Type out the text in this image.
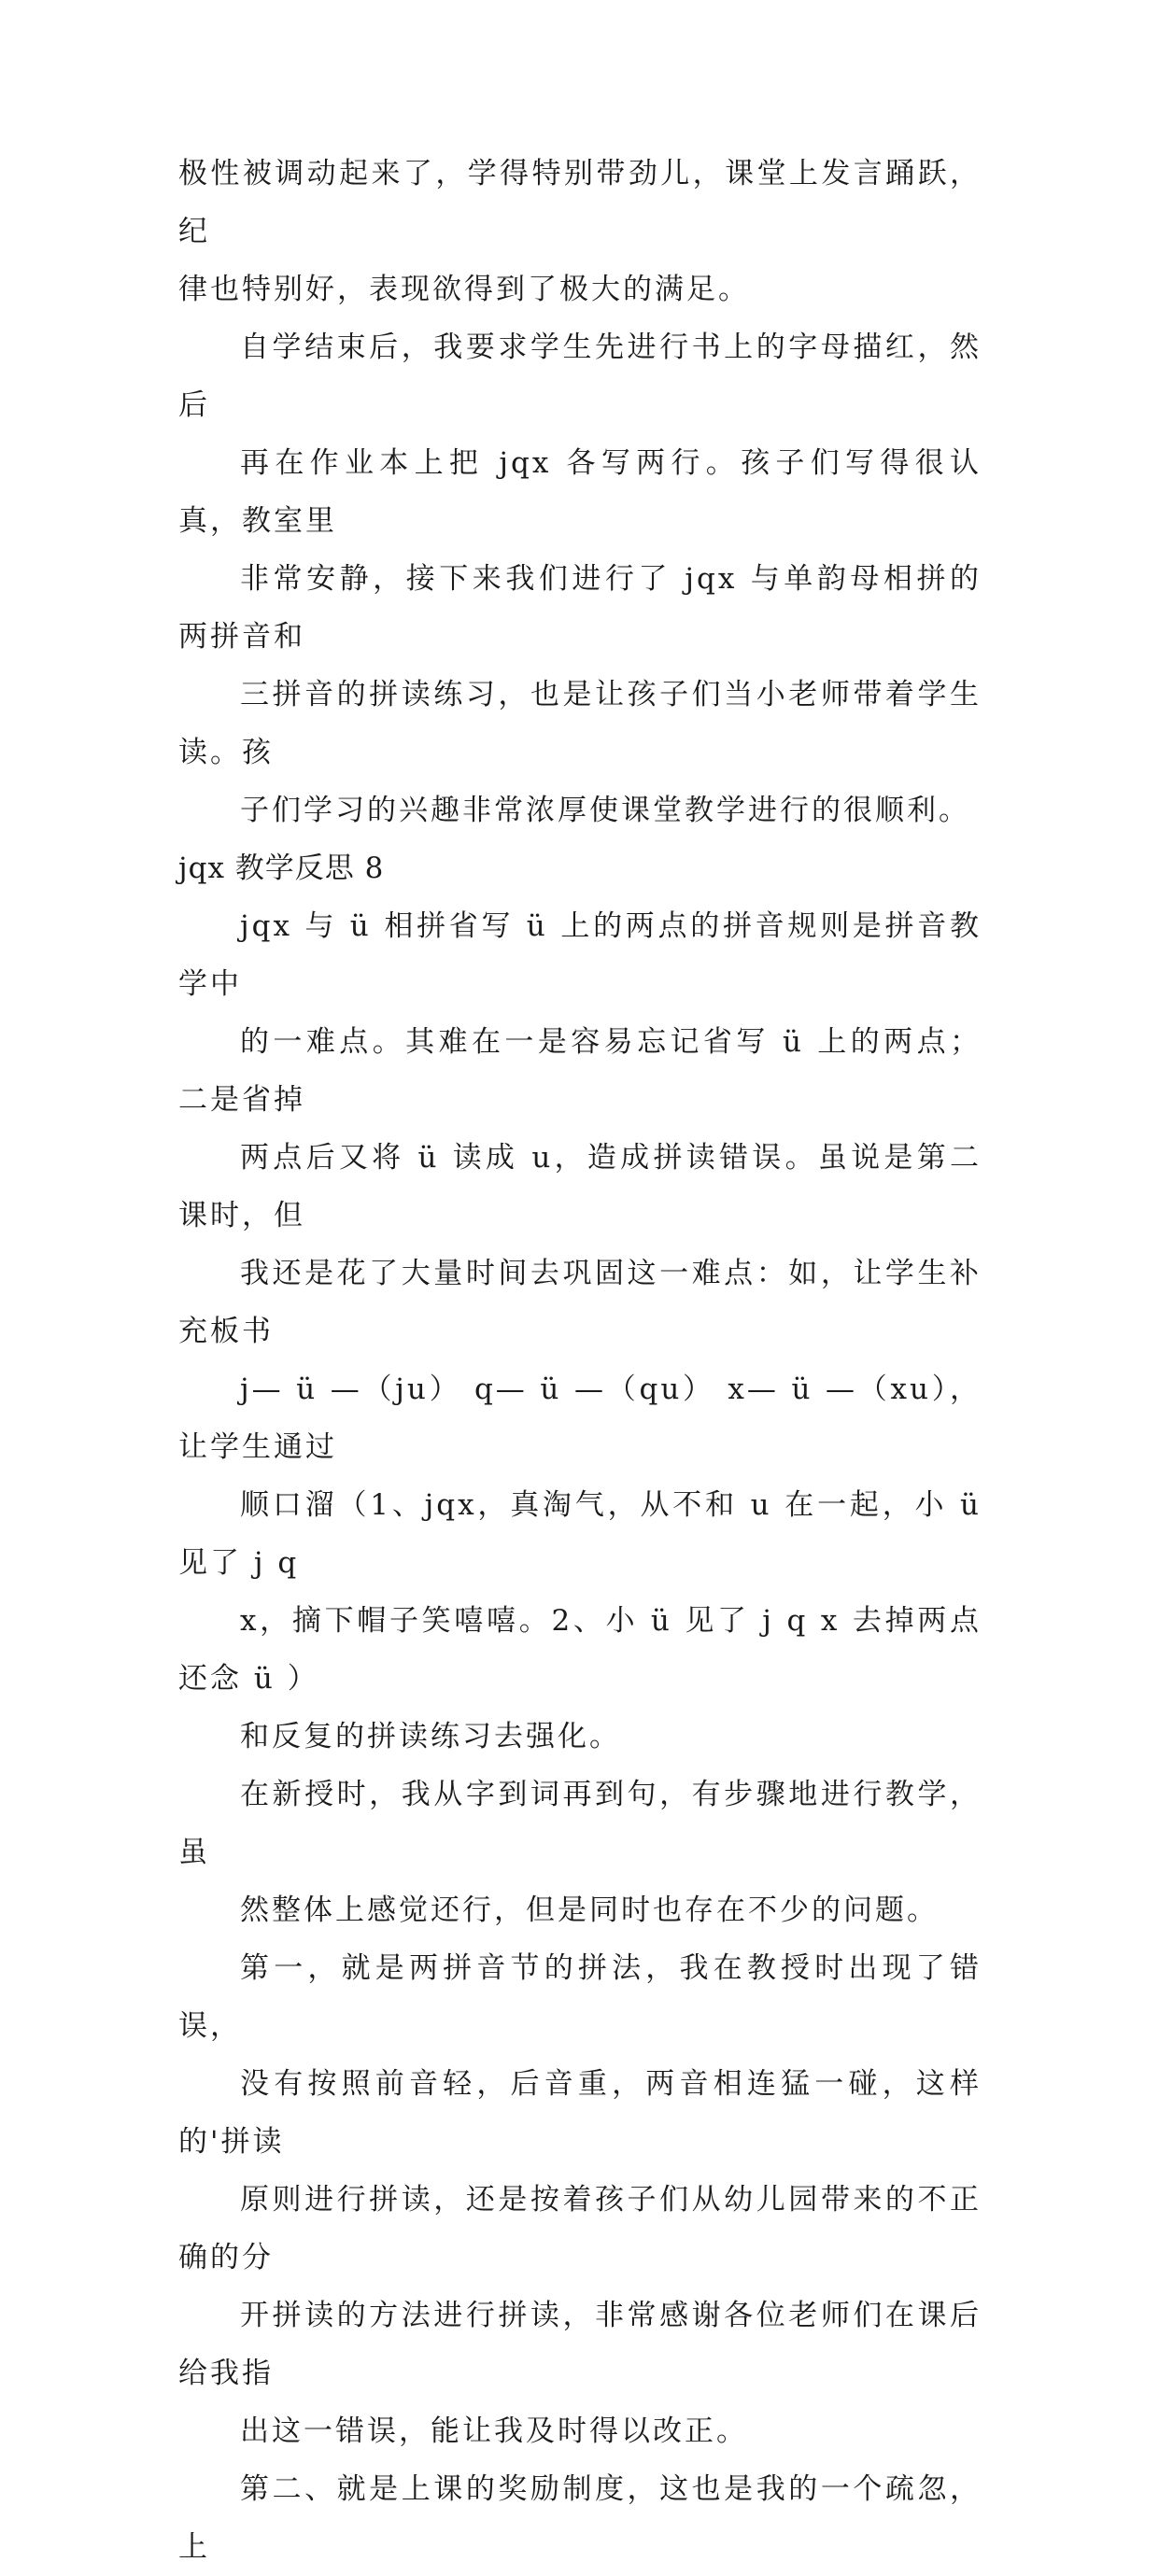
极性被调动起来了，学得特别带劲儿，课堂上发言踊跃，纪
律也特别好，表现欲得到了极大的满足。

自学结束后，我要求学生先进行书上的字母描红，然后
再在作业本上把 jqx 各写两行。孩子们写得很认真，教室里
非常安静，接下来我们进行了 jqx 与单韵母相拼的两拼音和
三拼音的拼读练习，也是让孩子们当小老师带着学生读。孩
子们学习的兴趣非常浓厚使课堂教学进行的很顺利。

jqx 教学反思 8

jqx 与 ü 相拼省写 ü 上的两点的拼音规则是拼音教学中
的一难点。其难在一是容易忘记省写 ü 上的两点；二是省掉
两点后又将 ü 读成 u，造成拼读错误。虽说是第二课时，但
我还是花了大量时间去巩固这一难点：如，让学生补充板书
j— ü —（ju） q— ü —（qu） x— ü —（xu），让学生通过
顺口溜（1、jqx，真淘气，从不和 u 在一起，小 ü 见了 j q
x，摘下帽子笑嘻嘻。2、小 ü 见了 j q x 去掉两点还念 ü ）
和反复的拼读练习去强化。

在新授时，我从字到词再到句，有步骤地进行教学，虽
然整体上感觉还行，但是同时也存在不少的问题。

第一，就是两拼音节的拼法，我在教授时出现了错误，
没有按照前音轻，后音重，两音相连猛一碰，这样的'拼读
原则进行拼读，还是按着孩子们从幼儿园带来的不正确的分
开拼读的方法进行拼读，非常感谢各位老师们在课后给我指
出这一错误，能让我及时得以改正。

第二、就是上课的奖励制度，这也是我的一个疏忽，上
